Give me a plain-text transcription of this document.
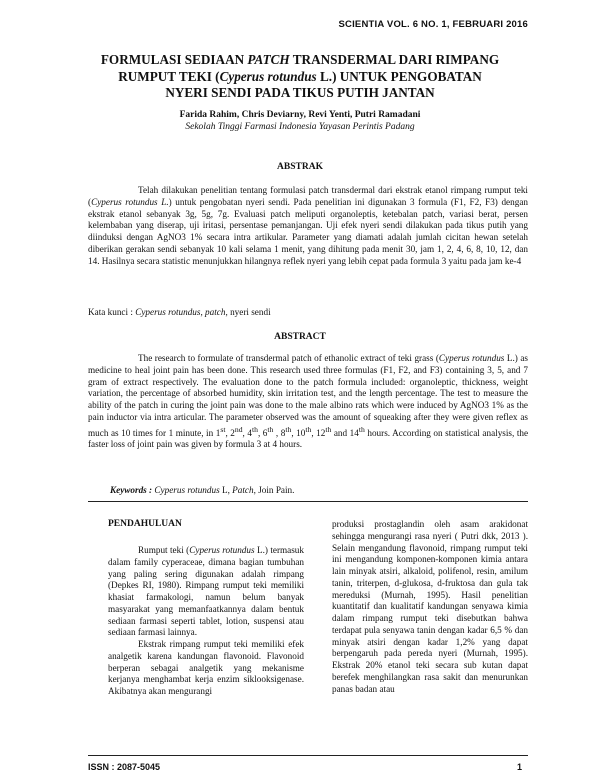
SCIENTIA VOL. 6 NO. 1, FEBRUARI 2016
FORMULASI SEDIAAN PATCH TRANSDERMAL DARI RIMPANG RUMPUT TEKI (Cyperus rotundus L.) UNTUK PENGOBATAN NYERI SENDI PADA TIKUS PUTIH JANTAN
Farida Rahim, Chris Deviarny, Revi Yenti, Putri Ramadani
Sekolah Tinggi Farmasi Indonesia Yayasan Perintis Padang
ABSTRAK

Telah dilakukan penelitian tentang formulasi patch transdermal dari ekstrak etanol rimpang rumput teki (Cyperus rotundus L.) untuk pengobatan nyeri sendi. Pada penelitian ini digunakan 3 formula (F1, F2, F3) dengan ekstrak etanol sebanyak 3g, 5g, 7g. Evaluasi patch meliputi organoleptis, ketebalan patch, variasi berat, persen kelembaban yang diserap, uji iritasi, persentase pemanjangan. Uji efek nyeri sendi dilakukan pada tikus putih yang diinduksi dengan AgNO3 1% secara intra artikular. Parameter yang diamati adalah jumlah cicitan hewan setelah diberikan gerakan sendi sebanyak 10 kali selama 1 menit, yang dihitung pada menit 30, jam 1, 2, 4, 6, 8, 10, 12, dan 14. Hasilnya secara statistic menunjukkan hilangnya reflek nyeri yang lebih cepat pada formula 3 yaitu pada jam ke-4

Kata kunci : Cyperus rotundus, patch, nyeri sendi
ABSTRACT

The research to formulate of transdermal patch of ethanolic extract of teki grass (Cyperus rotundus L.) as medicine to heal joint pain has been done. This research used three formulas (F1, F2, and F3) containing 3, 5, and 7 gram of extract respectively. The evaluation done to the patch formula included: organoleptic, thickness, weight variation, the percentage of absorbed humidity, skin irritation test, and the length percentage. The test to measure the ability of the patch in curing the joint pain was done to the male albino rats which were induced by AgNO3 1% as the pain inductor via intra articular. The parameter observed was the amount of squeaking after they were given reflex as much as 10 times for 1 minute, in 1st, 2nd, 4th, 6th , 8th, 10th, 12th and 14th hours. According on statistical analysis, the faster loss of joint pain was given by formula 3 at 4 hours.

Keywords : Cyperus rotundus L, Patch, Join Pain.
PENDAHULUAN

Rumput teki (Cyperus rotundus L.) termasuk dalam family cyperaceae, dimana bagian tumbuhan yang paling sering digunakan adalah rimpang (Depkes RI, 1980). Rimpang rumput teki memiliki khasiat farmakologi, namun belum banyak masyarakat yang memanfaatkannya dalam bentuk sediaan farmasi seperti tablet, lotion, suspensi atau sediaan farmasi lainnya.

Ekstrak rimpang rumput teki memiliki efek analgetik karena kandungan flavonoid. Flavonoid berperan sebagai analgetik yang mekanisme kerjanya menghambat kerja enzim siklooksigenase. Akibatnya akan mengurangi

produksi prostaglandin oleh asam arakidonat sehingga mengurangi rasa nyeri ( Putri dkk, 2013 ). Selain mengandung flavonoid, rimpang rumput teki ini mengandung komponen-komponen kimia antara lain minyak atsiri, alkaloid, polifenol, resin, amilum tanin, triterpen, d-glukosa, d-fruktosa dan gula tak mereduksi (Murnah, 1995). Hasil penelitian kuantitatif dan kualitatif kandungan senyawa kimia dalam rimpang rumput teki disebutkan bahwa terdapat pula senyawa tanin dengan kadar 6,5 % dan minyak atsiri dengan kadar 1,2% yang dapat berpengaruh pada pereda nyeri (Murnah, 1995). Ekstrak 20% etanol teki secara sub kutan dapat berefek menghilangkan rasa sakit dan menurunkan panas badan atau

ISSN : 2087-5045	1
